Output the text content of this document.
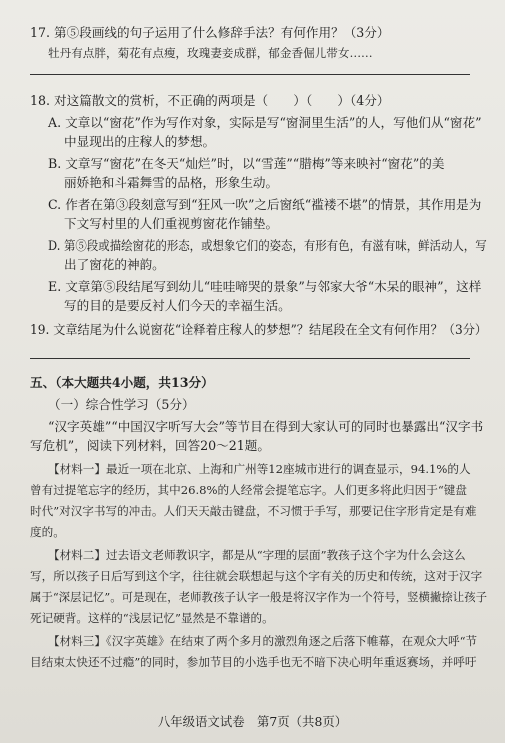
17. 第⑤段画线的句子运用了什么修辞手法？有何作用？（3分）
牡丹有点胖，菊花有点瘦，玫瑰妻妾成群，郁金香倔儿带女……
18. 对这篇散文的赏析，不正确的两项是（　　）（　　）（4分）
A. 文章以“窗花”作为写作对象，实际是写“窗洞里生活”的人，写他们从“窗花”
中显现出的庄稼人的梦想。
B. 文章写“窗花”在冬天“灿烂”时，以“雪莲”“腊梅”等来映衬“窗花”的美
丽娇艳和斗霜舞雪的品格，形象生动。
C. 作者在第③段刻意写到“狂风一吹”之后窗纸“褴褛不堪”的情景，其作用是为
下文写村里的人们重视剪窗花作铺垫。
D. 第⑤段或描绘窗花的形态，或想象它们的姿态，有形有色，有滋有味，鲜活动人，写
出了窗花的神韵。
E. 文章第⑤段结尾写到幼儿“哇哇啼哭的景象”与邻家大爷“木呆的眼神”，这样
写的目的是要反衬人们今天的幸福生活。
19. 文章结尾为什么说窗花“诠释着庄稼人的梦想”？结尾段在全文有何作用？（3分）
五、（本大题共4小题，共13分）
（一）综合性学习（5分）
“汉字英雄”“中国汉字听写大会”等节目在得到大家认可的同时也暴露出“汉字书
写危机”，阅读下列材料，回答20～21题。
【材料一】最近一项在北京、上海和广州等12座城市进行的调查显示，94.1%的人
曾有过提笔忘字的经历，其中26.8%的人经常会提笔忘字。人们更多将此归因于“键盘
时代”对汉字书写的冲击。人们天天敲击键盘，不习惯于手写，那要记住字形肯定是有难
度的。
【材料二】过去语文老师教识字，都是从“字理的层面”教孩子这个字为什么会这么
写，所以孩子日后写到这个字，往往就会联想起与这个字有关的历史和传统，这对于汉字
属于“深层记忆”。可是现在，老师教孩子认字一般是将汉字作为一个符号，竖横撇捺让孩子
死记硬背。这样的“浅层记忆”显然是不靠谱的。
【材料三】《汉字英雄》在结束了两个多月的激烈角逐之后落下帷幕，在观众大呼“节
目结束太快还不过瘾”的同时，参加节目的小选手也无不暗下决心明年重返赛场，并呼吁
八年级语文试卷　第7页（共8页）
